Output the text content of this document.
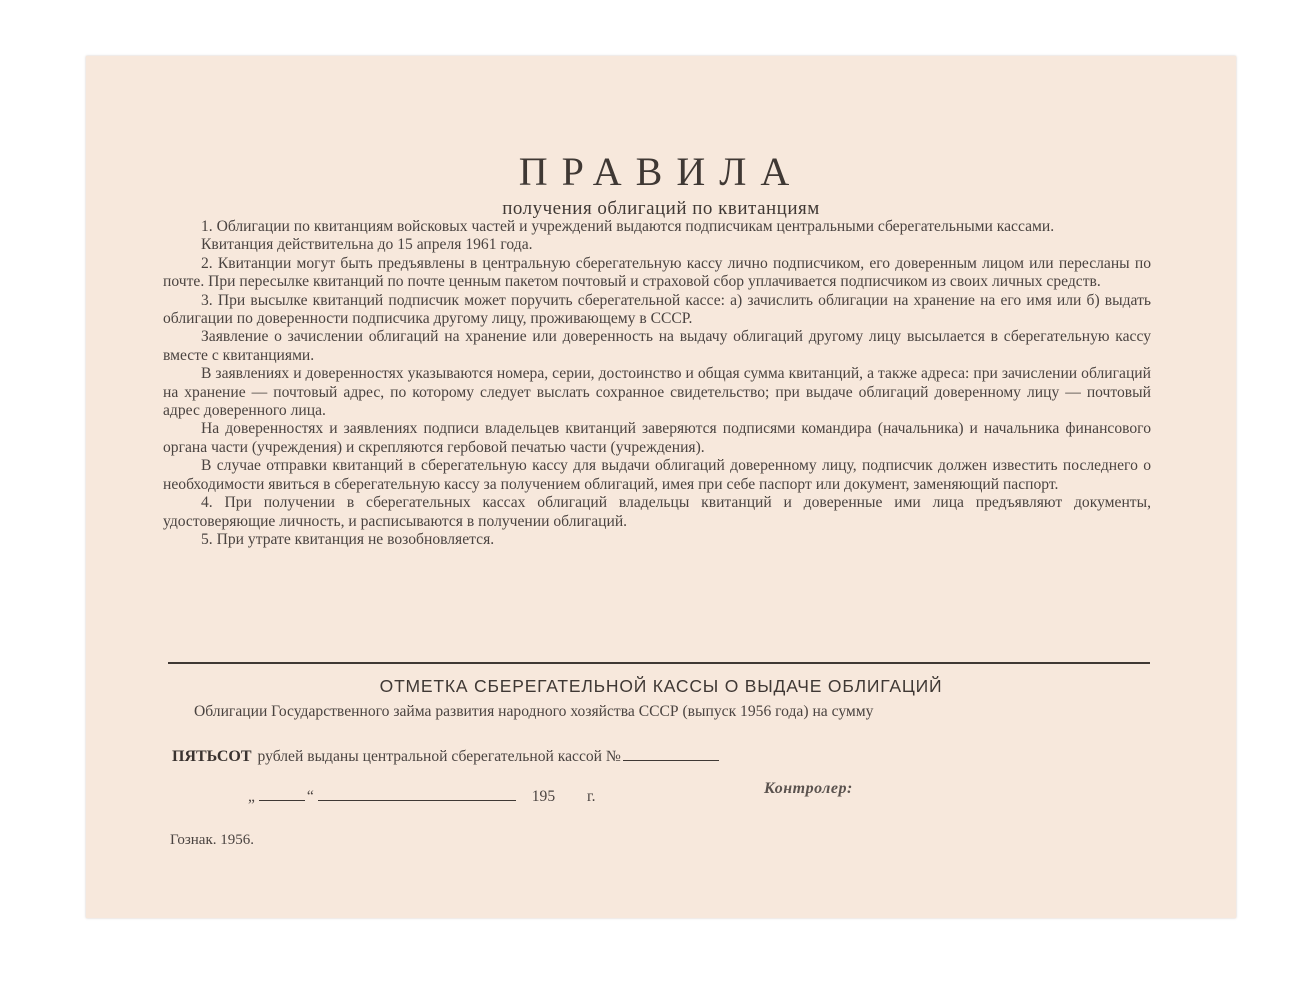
ПРАВИЛА
получения облигаций по квитанциям

1. Облигации по квитанциям войсковых частей и учреждений выдаются подписчикам центральными сберегательными кассами.

Квитанция действительна до 15 апреля 1961 года.

2. Квитанции могут быть предъявлены в центральную сберегательную кассу лично подписчиком, его доверенным лицом или пересланы по почте. При пересылке квитанций по почте ценным пакетом почтовый и страховой сбор уплачивается подписчиком из своих личных средств.

3. При высылке квитанций подписчик может поручить сберегательной кассе: а) зачислить облигации на хранение на его имя или б) выдать облигации по доверенности подписчика другому лицу, проживающему в СССР.

Заявление о зачислении облигаций на хранение или доверенность на выдачу облигаций другому лицу высылается в сберегательную кассу вместе с квитанциями.

В заявлениях и доверенностях указываются номера, серии, достоинство и общая сумма квитанций, а также адреса: при зачислении облигаций на хранение — почтовый адрес, по которому следует выслать сохранное свидетельство; при выдаче облигаций доверенному лицу — почтовый адрес доверенного лица.

На доверенностях и заявлениях подписи владельцев квитанций заверяются подписями командира (начальника) и начальника финансового органа части (учреждения) и скрепляются гербовой печатью части (учреждения).

В случае отправки квитанций в сберегательную кассу для выдачи облигаций доверенному лицу, подписчик должен известить последнего о необходимости явиться в сберегательную кассу за получением облигаций, имея при себе паспорт или документ, заменяющий паспорт.

4. При получении в сберегательных кассах облигаций владельцы квитанций и доверенные ими лица предъявляют документы, удостоверяющие личность, и расписываются в получении облигаций.

5. При утрате квитанция не возобновляется.

ОТМЕТКА СБЕРЕГАТЕЛЬНОЙ КАССЫ О ВЫДАЧЕ ОБЛИГАЦИЙ
Облигации Государственного займа развития народного хозяйства СССР (выпуск 1956 года) на сумму
ПЯТЬСОТ рублей выданы центральной сберегательной кассой №
„	“	195 г.	Контролер:
Гознак. 1956.
